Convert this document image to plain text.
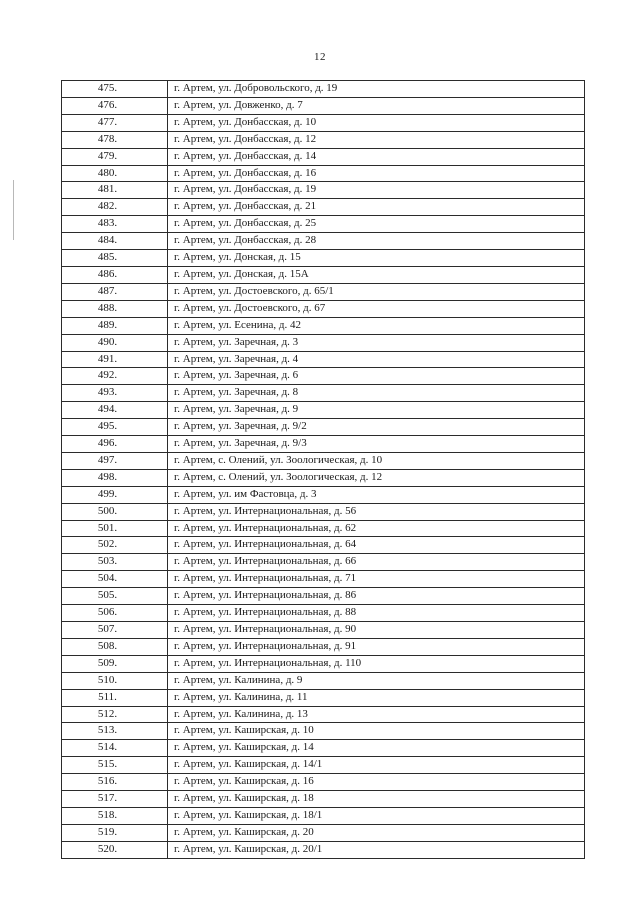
12
475.	г. Артем, ул. Добровольского, д. 19
476.	г. Артем, ул. Довженко, д. 7
477.	г. Артем, ул. Донбасская, д. 10
478.	г. Артем, ул. Донбасская, д. 12
479.	г. Артем, ул. Донбасская, д. 14
480.	г. Артем, ул. Донбасская, д. 16
481.	г. Артем, ул. Донбасская, д. 19
482.	г. Артем, ул. Донбасская, д. 21
483.	г. Артем, ул. Донбасская, д. 25
484.	г. Артем, ул. Донбасская, д. 28
485.	г. Артем, ул. Донская, д. 15
486.	г. Артем, ул. Донская, д. 15А
487.	г. Артем, ул. Достоевского, д. 65/1
488.	г. Артем, ул. Достоевского, д. 67
489.	г. Артем, ул. Есенина, д. 42
490.	г. Артем, ул. Заречная, д. 3
491.	г. Артем, ул. Заречная, д. 4
492.	г. Артем, ул. Заречная, д. 6
493.	г. Артем, ул. Заречная, д. 8
494.	г. Артем, ул. Заречная, д. 9
495.	г. Артем, ул. Заречная, д. 9/2
496.	г. Артем, ул. Заречная, д. 9/3
497.	г. Артем, с. Олений, ул. Зоологическая, д. 10
498.	г. Артем, с. Олений, ул. Зоологическая, д. 12
499.	г. Артем, ул. им Фастовца, д. 3
500.	г. Артем, ул. Интернациональная, д. 56
501.	г. Артем, ул. Интернациональная, д. 62
502.	г. Артем, ул. Интернациональная, д. 64
503.	г. Артем, ул. Интернациональная, д. 66
504.	г. Артем, ул. Интернациональная, д. 71
505.	г. Артем, ул. Интернациональная, д. 86
506.	г. Артем, ул. Интернациональная, д. 88
507.	г. Артем, ул. Интернациональная, д. 90
508.	г. Артем, ул. Интернациональная, д. 91
509.	г. Артем, ул. Интернациональная, д. 110
510.	г. Артем, ул. Калинина, д. 9
511.	г. Артем, ул. Калинина, д. 11
512.	г. Артем, ул. Калинина, д. 13
513.	г. Артем, ул. Каширская, д. 10
514.	г. Артем, ул. Каширская, д. 14
515.	г. Артем, ул. Каширская, д. 14/1
516.	г. Артем, ул. Каширская, д. 16
517.	г. Артем, ул. Каширская, д. 18
518.	г. Артем, ул. Каширская, д. 18/1
519.	г. Артем, ул. Каширская, д. 20
520.	г. Артем, ул. Каширская, д. 20/1
